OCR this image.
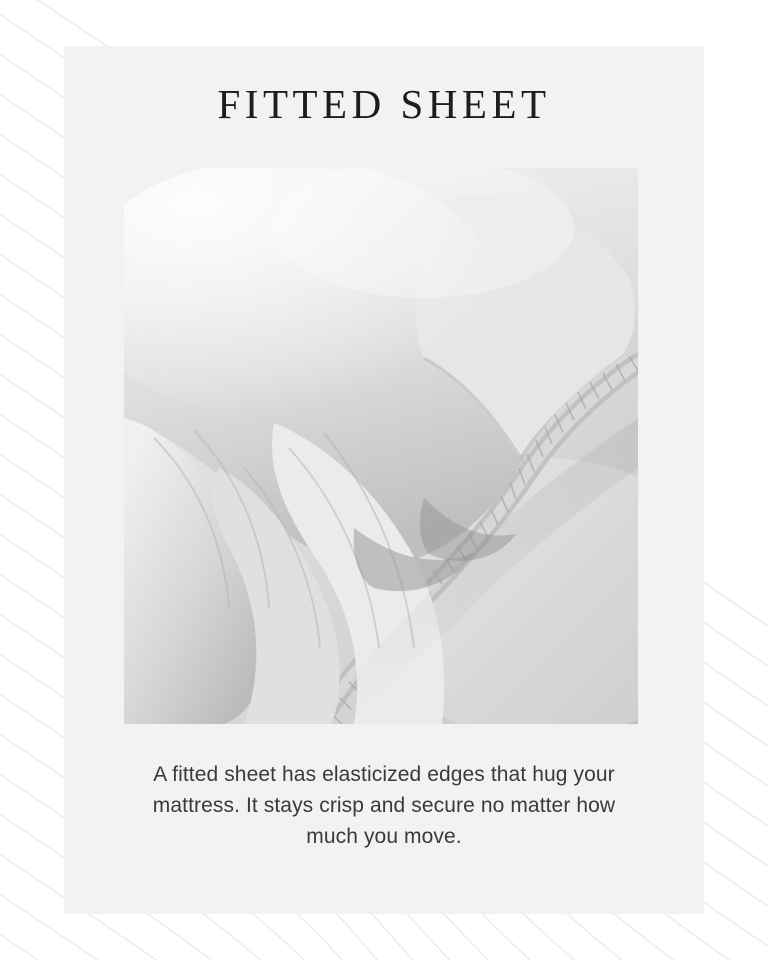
FITTED SHEET
A fitted sheet has elasticized edges that hug your mattress. It stays crisp and secure no matter how much you move.
